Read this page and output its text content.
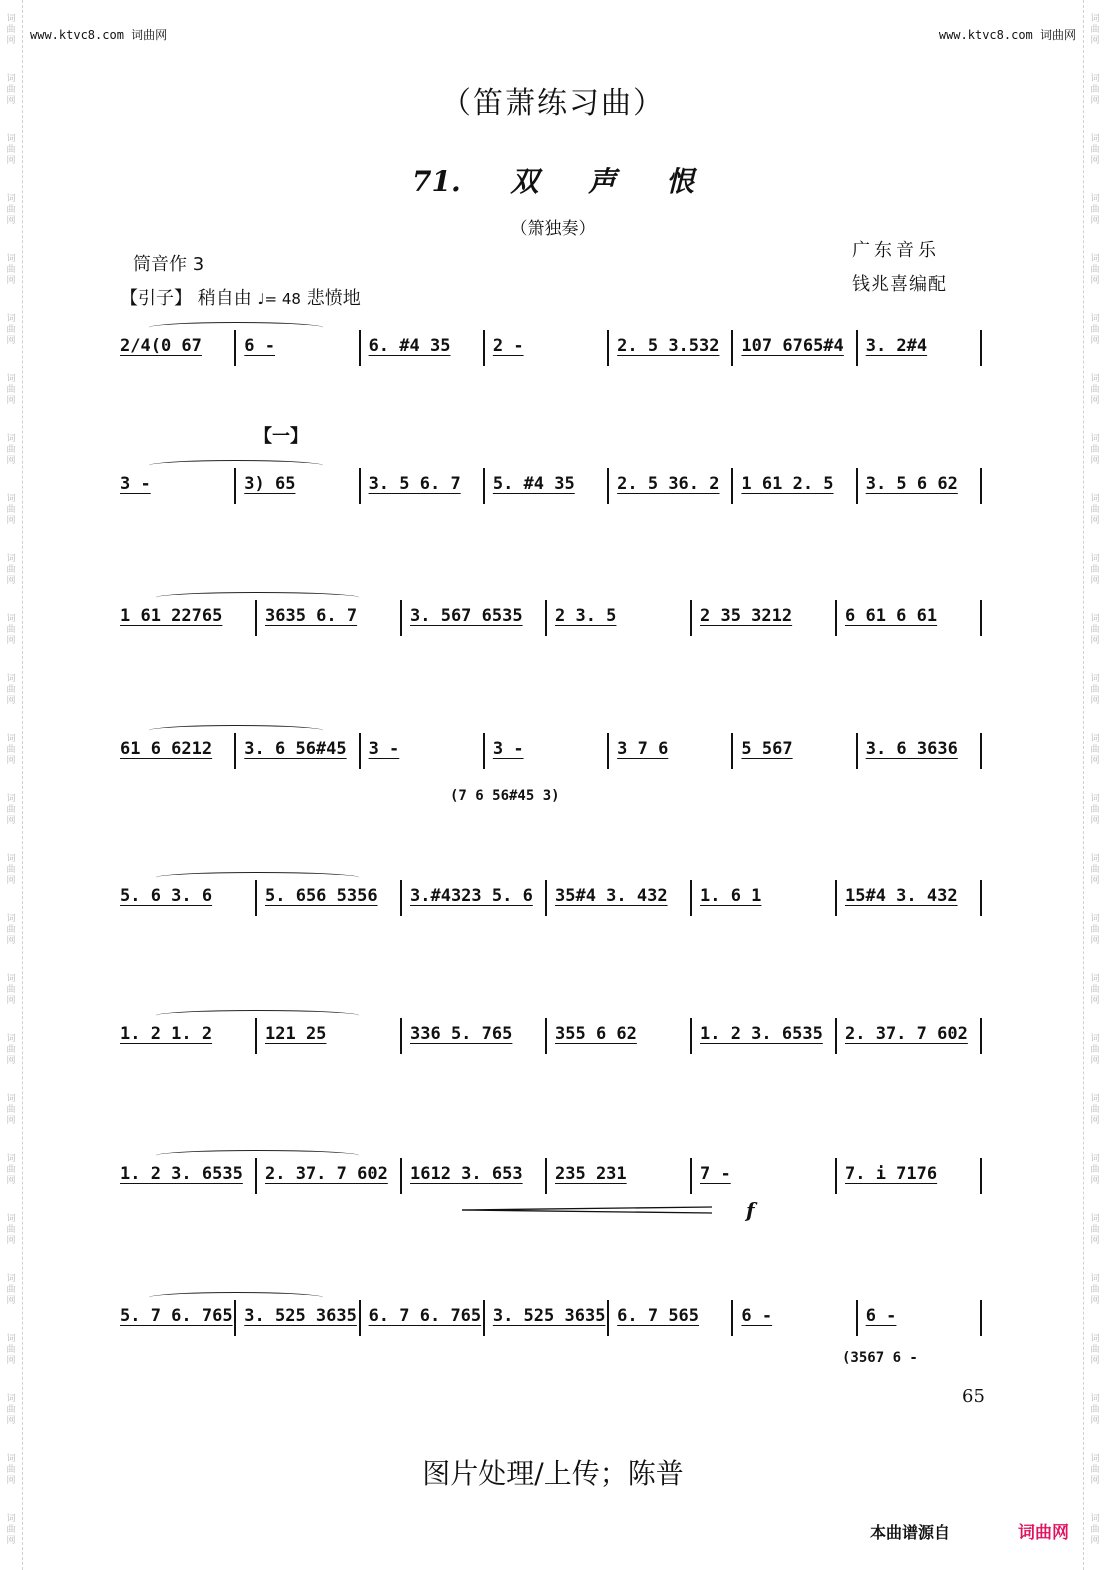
词
曲
网
词
曲
网
词
曲
网
词
曲
网
词
曲
网
词
曲
网
词
曲
网
词
曲
网
词
曲
网
词
曲
网
词
曲
网
词
曲
网
词
曲
网
词
曲
网
词
曲
网
词
曲
网
词
曲
网
词
曲
网
词
曲
网
词
曲
网
词
曲
网
词
曲
网
词
曲
网
词
曲
网
词
曲
网
词
曲
网
词
曲
网
词
曲
网
词
曲
网
词
曲
网
词
曲
网
词
曲
网
词
曲
网
词
曲
网
词
曲
网
词
曲
网
词
曲
网
词
曲
网
词
曲
网
词
曲
网
词
曲
网
词
曲
网
词
曲
网
词
曲
网
词
曲
网
词
曲
网
词
曲
网
词
曲
网
词
曲
网
词
曲
网
词
曲
网
词
曲
网
www.ktvc8.com 词曲网	www.ktvc8.com 词曲网
（笛萧练习曲）
71. 双 声 恨
（箫独奏）
筒音作 3
【引子】 稍自由 ♩= 48 悲愤地
广东音乐
钱兆喜编配
【一】
2/4(0 67 6 -	6. #4 35 2 -	2. 5 3.532 107 6765#4 3. 2#4
3 -	3) 65	3. 5 6. 7 5. #4 35 2. 5 36. 2 1 61 2. 5 3. 5 6 62
1 61 22765	3635 6. 7	3. 567 6535 2 3. 5	2 35 3212	6 61 6 61
61 6 6212 3. 6 56#45 3 -	3 -	3 7 6	5 567	3. 6 3636
5. 6 3. 6	5. 656 5356 3.#4323 5. 6 35#4 3. 432 1. 6 1	15#4 3. 432
1. 2 1. 2	121 25	336 5. 765	355 6 62	1. 2 3. 6535 2. 37. 7 602
1. 2 3. 6535 2. 37. 7 602 1612 3. 653 235 231	7 -	7. i 7176
5. 7 6. 765 3. 525 3635 6. 7 6. 765 3. 525 3635 6. 7 565 6 -	6 -
(7 6 56#45 3)
(3567 6 -
f
65
图片处理/上传；陈普
本曲谱源自	词曲网
